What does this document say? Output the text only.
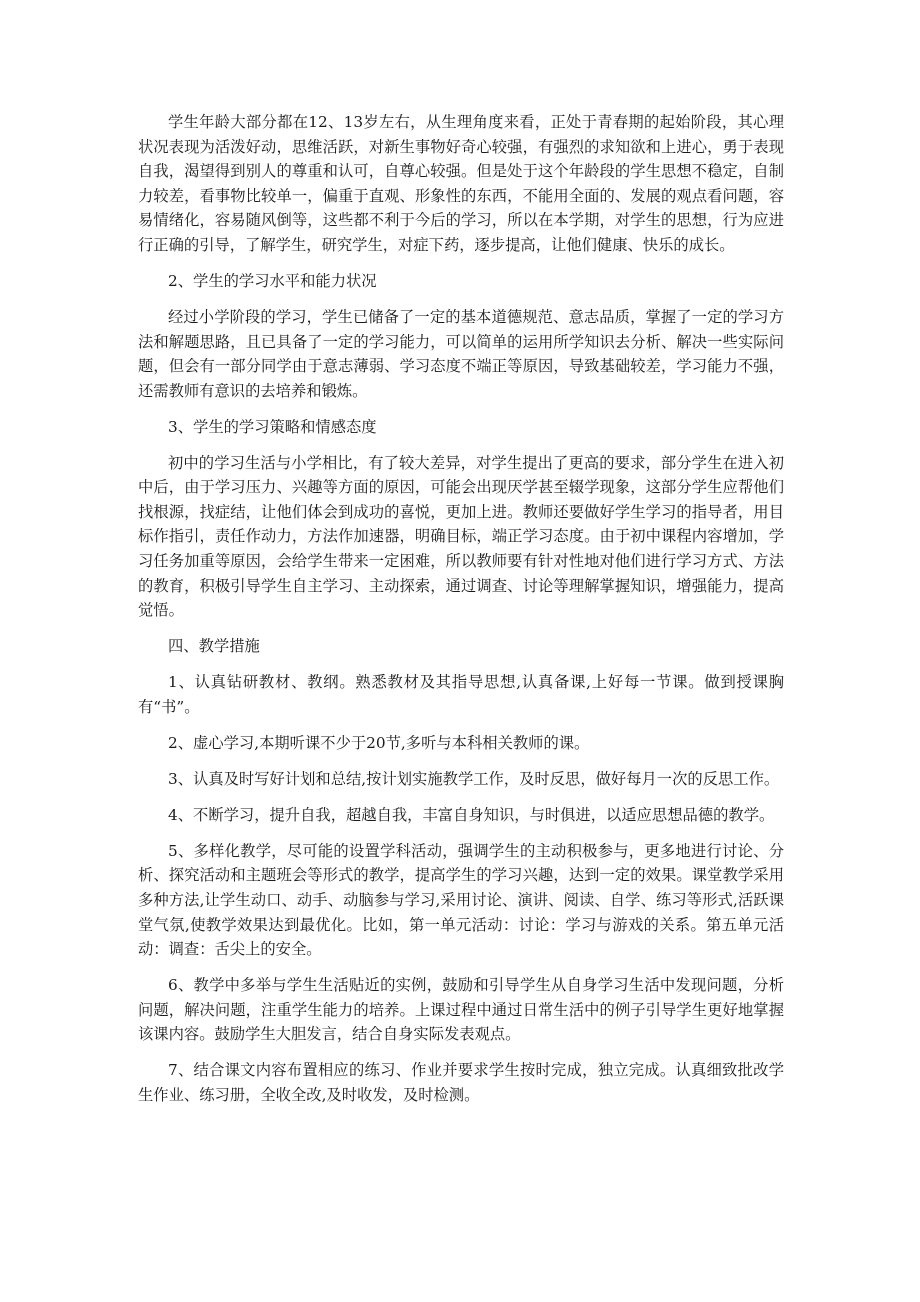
学生年龄大部分都在12、13岁左右，从生理角度来看，正处于青春期的起始阶段，其心理状况表现为活泼好动，思维活跃，对新生事物好奇心较强，有强烈的求知欲和上进心，勇于表现自我，渴望得到别人的尊重和认可，自尊心较强。但是处于这个年龄段的学生思想不稳定，自制力较差，看事物比较单一，偏重于直观、形象性的东西，不能用全面的、发展的观点看问题，容易情绪化，容易随风倒等，这些都不利于今后的学习，所以在本学期，对学生的思想，行为应进行正确的引导，了解学生，研究学生，对症下药，逐步提高，让他们健康、快乐的成长。

2、学生的学习水平和能力状况

经过小学阶段的学习，学生已储备了一定的基本道德规范、意志品质，掌握了一定的学习方法和解题思路，且已具备了一定的学习能力，可以简单的运用所学知识去分析、解决一些实际问题，但会有一部分同学由于意志薄弱、学习态度不端正等原因，导致基础较差，学习能力不强，还需教师有意识的去培养和锻炼。

3、学生的学习策略和情感态度

初中的学习生活与小学相比，有了较大差异，对学生提出了更高的要求，部分学生在进入初中后，由于学习压力、兴趣等方面的原因，可能会出现厌学甚至辍学现象，这部分学生应帮他们找根源，找症结，让他们体会到成功的喜悦，更加上进。教师还要做好学生学习的指导者，用目标作指引，责任作动力，方法作加速器，明确目标，端正学习态度。由于初中课程内容增加，学习任务加重等原因，会给学生带来一定困难，所以教师要有针对性地对他们进行学习方式、方法的教育，积极引导学生自主学习、主动探索，通过调查、讨论等理解掌握知识，增强能力，提高觉悟。

四、教学措施

1、认真钻研教材、教纲。熟悉教材及其指导思想,认真备课,上好每一节课。做到授课胸有“书”。

2、虚心学习,本期听课不少于20节,多听与本科相关教师的课。

3、认真及时写好计划和总结,按计划实施教学工作，及时反思，做好每月一次的反思工作。

4、不断学习，提升自我，超越自我，丰富自身知识，与时俱进，以适应思想品德的教学。

5、多样化教学，尽可能的设置学科活动，强调学生的主动积极参与，更多地进行讨论、分析、探究活动和主题班会等形式的教学，提高学生的学习兴趣，达到一定的效果。课堂教学采用多种方法,让学生动口、动手、动脑参与学习,采用讨论、演讲、阅读、自学、练习等形式,活跃课堂气氛,使教学效果达到最优化。比如，第一单元活动：讨论：学习与游戏的关系。第五单元活动：调查：舌尖上的安全。

6、教学中多举与学生生活贴近的实例，鼓励和引导学生从自身学习生活中发现问题，分析问题，解决问题，注重学生能力的培养。上课过程中通过日常生活中的例子引导学生更好地掌握该课内容。鼓励学生大胆发言，结合自身实际发表观点。

7、结合课文内容布置相应的练习、作业并要求学生按时完成，独立完成。认真细致批改学生作业、练习册，全收全改,及时收发，及时检测。
